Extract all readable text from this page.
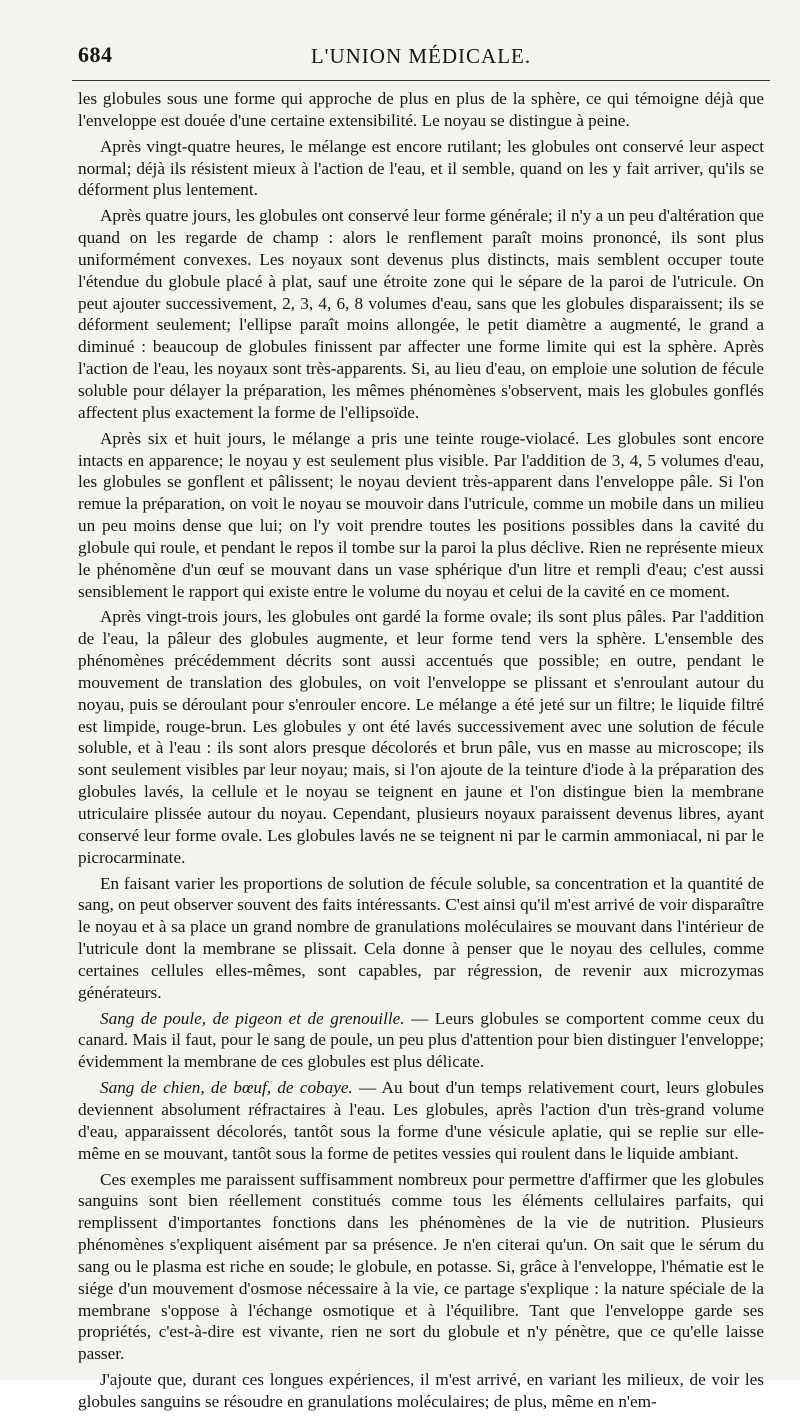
684	L'UNION MÉDICALE.

les globules sous une forme qui approche de plus en plus de la sphère, ce qui témoigne déjà que l'enveloppe est douée d'une certaine extensibilité. Le noyau se distingue à peine.

Après vingt-quatre heures, le mélange est encore rutilant; les globules ont conservé leur aspect normal; déjà ils résistent mieux à l'action de l'eau, et il semble, quand on les y fait arriver, qu'ils se déforment plus lentement.

Après quatre jours, les globules ont conservé leur forme générale; il n'y a un peu d'altération que quand on les regarde de champ : alors le renflement paraît moins prononcé, ils sont plus uniformément convexes. Les noyaux sont devenus plus distincts, mais semblent occuper toute l'étendue du globule placé à plat, sauf une étroite zone qui le sépare de la paroi de l'utricule. On peut ajouter successivement, 2, 3, 4, 6, 8 volumes d'eau, sans que les globules disparaissent; ils se déforment seulement; l'ellipse paraît moins allongée, le petit diamètre a augmenté, le grand a diminué : beaucoup de globules finissent par affecter une forme limite qui est la sphère. Après l'action de l'eau, les noyaux sont très-apparents. Si, au lieu d'eau, on emploie une solution de fécule soluble pour délayer la préparation, les mêmes phénomènes s'observent, mais les globules gonflés affectent plus exactement la forme de l'ellipsoïde.

Après six et huit jours, le mélange a pris une teinte rouge-violacé. Les globules sont encore intacts en apparence; le noyau y est seulement plus visible. Par l'addition de 3, 4, 5 volumes d'eau, les globules se gonflent et pâlissent; le noyau devient très-apparent dans l'enveloppe pâle. Si l'on remue la préparation, on voit le noyau se mouvoir dans l'utricule, comme un mobile dans un milieu un peu moins dense que lui; on l'y voit prendre toutes les positions possibles dans la cavité du globule qui roule, et pendant le repos il tombe sur la paroi la plus déclive. Rien ne représente mieux le phénomène d'un œuf se mouvant dans un vase sphérique d'un litre et rempli d'eau; c'est aussi sensiblement le rapport qui existe entre le volume du noyau et celui de la cavité en ce moment.

Après vingt-trois jours, les globules ont gardé la forme ovale; ils sont plus pâles. Par l'addition de l'eau, la pâleur des globules augmente, et leur forme tend vers la sphère. L'ensemble des phénomènes précédemment décrits sont aussi accentués que possible; en outre, pendant le mouvement de translation des globules, on voit l'enveloppe se plissant et s'enroulant autour du noyau, puis se déroulant pour s'enrouler encore. Le mélange a été jeté sur un filtre; le liquide filtré est limpide, rouge-brun. Les globules y ont été lavés successivement avec une solution de fécule soluble, et à l'eau : ils sont alors presque décolorés et brun pâle, vus en masse au microscope; ils sont seulement visibles par leur noyau; mais, si l'on ajoute de la teinture d'iode à la préparation des globules lavés, la cellule et le noyau se teignent en jaune et l'on distingue bien la membrane utriculaire plissée autour du noyau. Cependant, plusieurs noyaux paraissent devenus libres, ayant conservé leur forme ovale. Les globules lavés ne se teignent ni par le carmin ammoniacal, ni par le picrocarminate.

En faisant varier les proportions de solution de fécule soluble, sa concentration et la quantité de sang, on peut observer souvent des faits intéressants. C'est ainsi qu'il m'est arrivé de voir disparaître le noyau et à sa place un grand nombre de granulations moléculaires se mouvant dans l'intérieur de l'utricule dont la membrane se plissait. Cela donne à penser que le noyau des cellules, comme certaines cellules elles-mêmes, sont capables, par régression, de revenir aux microzymas générateurs.

Sang de poule, de pigeon et de grenouille. — Leurs globules se comportent comme ceux du canard. Mais il faut, pour le sang de poule, un peu plus d'attention pour bien distinguer l'enveloppe; évidemment la membrane de ces globules est plus délicate.

Sang de chien, de bœuf, de cobaye. — Au bout d'un temps relativement court, leurs globules deviennent absolument réfractaires à l'eau. Les globules, après l'action d'un très-grand volume d'eau, apparaissent décolorés, tantôt sous la forme d'une vésicule aplatie, qui se replie sur elle-même en se mouvant, tantôt sous la forme de petites vessies qui roulent dans le liquide ambiant.

Ces exemples me paraissent suffisamment nombreux pour permettre d'affirmer que les globules sanguins sont bien réellement constitués comme tous les éléments cellulaires parfaits, qui remplissent d'importantes fonctions dans les phénomènes de la vie de nutrition. Plusieurs phénomènes s'expliquent aisément par sa présence. Je n'en citerai qu'un. On sait que le sérum du sang ou le plasma est riche en soude; le globule, en potasse. Si, grâce à l'enveloppe, l'hématie est le siége d'un mouvement d'osmose nécessaire à la vie, ce partage s'explique : la nature spéciale de la membrane s'oppose à l'échange osmotique et à l'équilibre. Tant que l'enveloppe garde ses propriétés, c'est-à-dire est vivante, rien ne sort du globule et n'y pénètre, que ce qu'elle laisse passer.

J'ajoute que, durant ces longues expériences, il m'est arrivé, en variant les milieux, de voir les globules sanguins se résoudre en granulations moléculaires; de plus, même en n'em-
